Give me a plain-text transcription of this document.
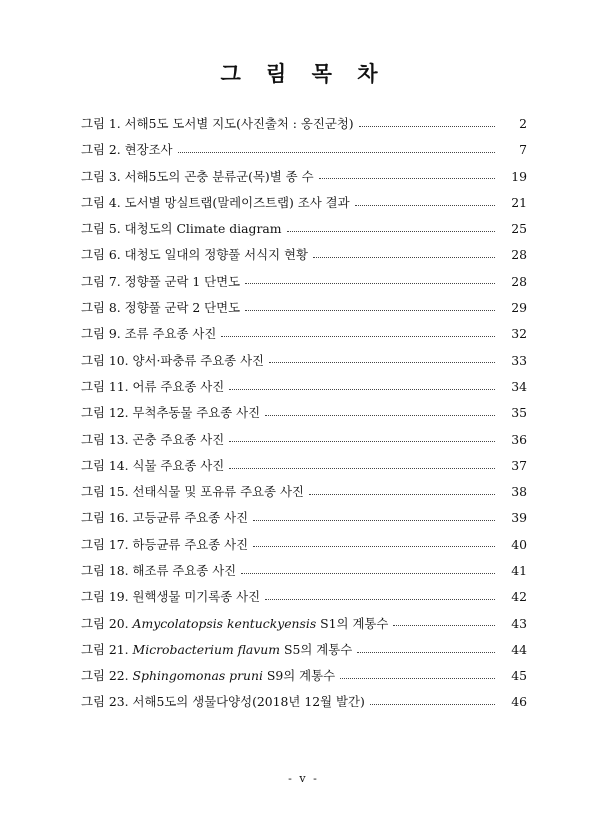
그 림 목 차
그림 1. 서해5도 도서별 지도(사진출처 : 옹진군청)	2
그림 2. 현장조사	7
그림 3. 서해5도의 곤충 분류군(목)별 종 수	19
그림 4. 도서별 망실트랩(말레이즈트랩) 조사 결과	21
그림 5. 대청도의 Climate diagram	25
그림 6. 대청도 일대의 정향풀 서식지 현황	28
그림 7. 정향풀 군락 1 단면도	28
그림 8. 정향풀 군락 2 단면도	29
그림 9. 조류 주요종 사진	32
그림 10. 양서·파충류 주요종 사진	33
그림 11. 어류 주요종 사진	34
그림 12. 무척추동물 주요종 사진	35
그림 13. 곤충 주요종 사진	36
그림 14. 식물 주요종 사진	37
그림 15. 선태식물 및 포유류 주요종 사진	38
그림 16. 고등균류 주요종 사진	39
그림 17. 하등균류 주요종 사진	40
그림 18. 해조류 주요종 사진	41
그림 19. 원핵생물 미기록종 사진	42
그림 20. Amycolatopsis kentuckyensis S1의 계통수	43
그림 21. Microbacterium flavum S5의 계통수	44
그림 22. Sphingomonas pruni S9의 계통수	45
그림 23. 서해5도의 생물다양성(2018년 12월 발간)	46
- v -
